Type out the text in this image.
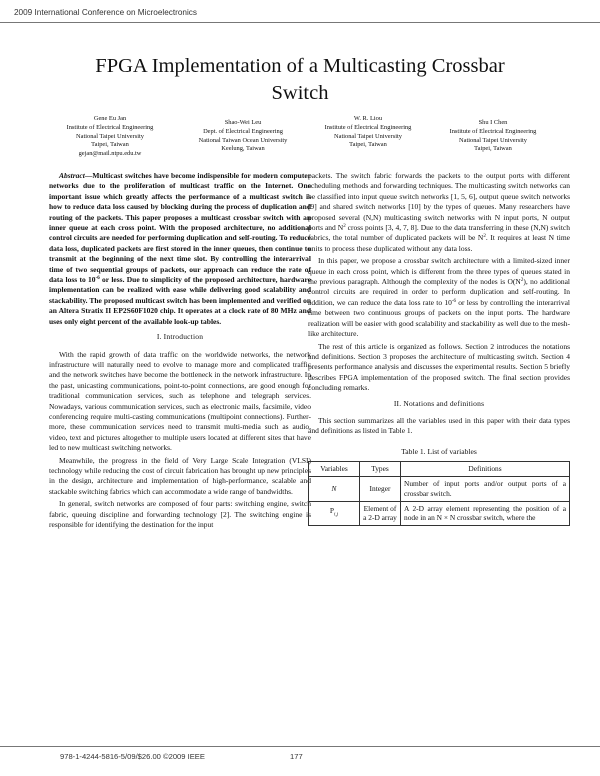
2009 International Conference on Microelectronics
FPGA Implementation of a Multicasting Crossbar
Switch
Gene Eu Jan
Institute of Electrical Engineering
National Taipei University
Taipei, Taiwan
gejan@mail.ntpu.edu.tw
Shao-Wei Leu
Dept. of Electrical Engineering
National Taiwan Ocean University
Keelung, Taiwan
W. R. Liou
Institute of Electrical Engineering
National Taipei University
Taipei, Taiwan
Shu I Chen
Institute of Electrical Engineering
National Taipei University
Taipei, Taiwan

Abstract—Multicast switches have become indispensible for modern computer networks due to the proliferation of multicast traffic on the Internet. One important issue which greatly affects the performance of a multicast switch is how to reduce data loss caused by blocking during the process of duplication and routing of the packets. This paper proposes a multicast crossbar switch with an inner queue at each cross point. With the proposed architecture, no additional control circuits are needed for performing duplication and self-routing. To reduce data loss, duplicated packets are first stored in the inner queues, then continue to transmit at the beginning of the next time slot. By controlling the interarrival time of two sequential groups of packets, our approach can reduce the rate of data loss to $10^{-6}$ or less. Due to simplicity of the proposed architecture, hardware implementation can be realized with ease while delivering good scalability and stackability. The proposed multicast switch has been implemented and verified on an Altera Stratix II EP2S60F1020 chip. It operates at a clock rate of 80 MHz and uses only eight percent of the available look-up tables.

I. Introduction

With the rapid growth of data traffic on the worldwide networks, the network infrastructure will naturally need to evolve to manage more and complicated traffic and the network switches have become the bottleneck in the network infrastructure. In the past, unicasting communications, point-to-point connections, are good enough for traditional communication services, such as telephone and telegraph services. Nowadays, various communication services, such as electronic mails, facsimile, video conferencing require multi-casting communications (multipoint connections). Further-more, these communication services need to transmit multi-media such as audio, video, text and pictures altogether to multiple users located at different sites that have led to new multicast switching networks.

Meanwhile, the progress in the field of Very Large Scale Integration (VLSI) technology while reducing the cost of circuit fabrication has brought up new principles in the design, architecture and implementation of high-performance, scalable and stackable switching fabrics which can accommodate a wide range of bandwidths.

In general, switch networks are composed of four parts: switching engine, switch fabric, queuing discipline and forwarding technology [2]. The switching engine is responsible for identifying the destination for the input

packets. The switch fabric forwards the packets to the output ports with different scheduling methods and forwarding techniques. The multicasting switch networks can be classified into input queue switch networks [1, 5, 6], output queue switch networks [9] and shared switch networks [10] by the types of queues. Many researchers have proposed several (N,N) multicasting switch networks with N input ports, N output ports and $N^2$ cross points [3, 4, 7, 8]. Due to the data transferring in these (N,N) switch fabrics, the total number of duplicated packets will be $N^2$. It requires at least N time units to process these duplicated without any data loss.

In this paper, we propose a crossbar switch architecture with a limited-sized inner queue in each cross point, which is different from the three types of queues stated in the previous paragraph. Although the complexity of the nodes is $O(N^2)$, no additional control circuits are required in order to perform duplication and self-routing. In addition, we can reduce the data loss rate to $10^{-6}$ or less by controlling the interarrival time between two continuous groups of packets on the input ports. The hardware realization will be easier with good scalability and stackability as well due to the mesh-like architecture.

The rest of this article is organized as follows. Section 2 introduces the notations and definitions. Section 3 proposes the architecture of multicasting switch. Section 4 presents performance analysis and discusses the experimental results. Section 5 briefly describes FPGA implementation of the proposed switch. The final section provides concluding remarks.

II. Notations and definitions

This section summarizes all the variables used in this paper with their data types and definitions as listed in Table 1.

Table 1. List of variables
Variables	Types	Definitions
N	Integer	Number of input ports and/or output ports of a crossbar switch.
$P_{i,j}$	Element of a 2-D array	A 2-D array element representing the position of a node in an N × N crossbar switch, where the
978-1-4244-5816-5/09/$26.00 ©2009 IEEE	177
